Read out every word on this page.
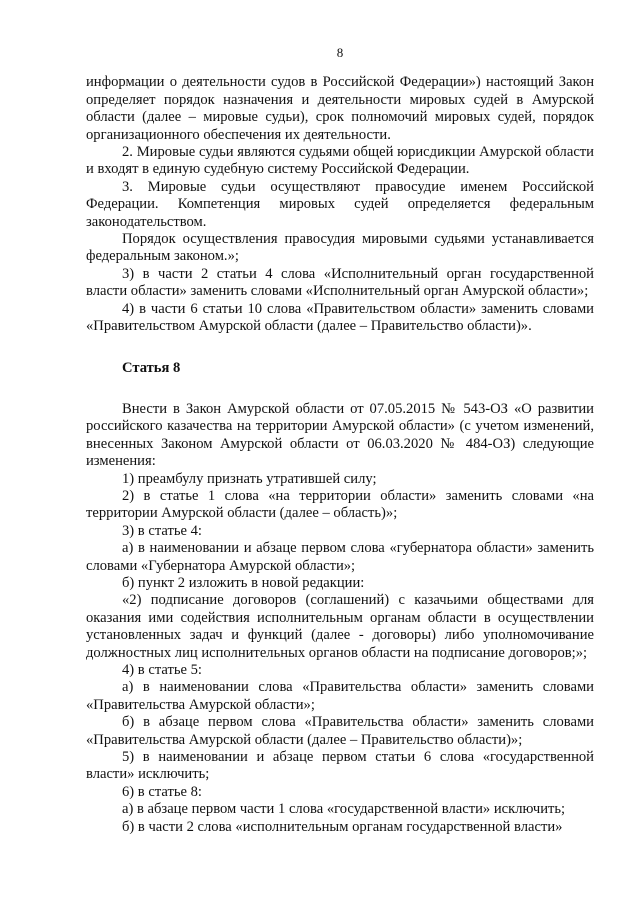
8

информации о деятельности судов в Российской Федерации») настоящий Закон определяет порядок назначения и деятельности мировых судей в Амурской области (далее – мировые судьи), срок полномочий мировых судей, порядок организационного обеспечения их деятельности.

2. Мировые судьи являются судьями общей юрисдикции Амурской области и входят в единую судебную систему Российской Федерации.

3. Мировые судьи осуществляют правосудие именем Российской Федерации. Компетенция мировых судей определяется федеральным законодательством.

Порядок осуществления правосудия мировыми судьями устанавливается федеральным законом.»;

3) в части 2 статьи 4 слова «Исполнительный орган государственной власти области» заменить словами «Исполнительный орган Амурской области»;

4) в части 6 статьи 10 слова «Правительством области» заменить словами «Правительством Амурской области (далее – Правительство области)».

Статья 8

Внести в Закон Амурской области от 07.05.2015 № 543-ОЗ «О развитии российского казачества на территории Амурской области» (с учетом изменений, внесенных Законом Амурской области от 06.03.2020 № 484-ОЗ) следующие изменения:

1) преамбулу признать утратившей силу;

2) в статье 1 слова «на территории области» заменить словами «на территории Амурской области (далее – область)»;

3) в статье 4:

а) в наименовании и абзаце первом слова «губернатора области» заменить словами «Губернатора Амурской области»;

б) пункт 2 изложить в новой редакции:

«2) подписание договоров (соглашений) с казачьими обществами для оказания ими содействия исполнительным органам области в осуществлении установленных задач и функций (далее - договоры) либо уполномочивание должностных лиц исполнительных органов области на подписание договоров;»;

4) в статье 5:

а) в наименовании слова «Правительства области» заменить словами «Правительства Амурской области»;

б) в абзаце первом слова «Правительства области» заменить словами «Правительства Амурской области (далее – Правительство области)»;

5) в наименовании и абзаце первом статьи 6 слова «государственной власти» исключить;

6) в статье 8:

а) в абзаце первом части 1 слова «государственной власти» исключить;

б) в части 2 слова «исполнительным органам государственной власти»
